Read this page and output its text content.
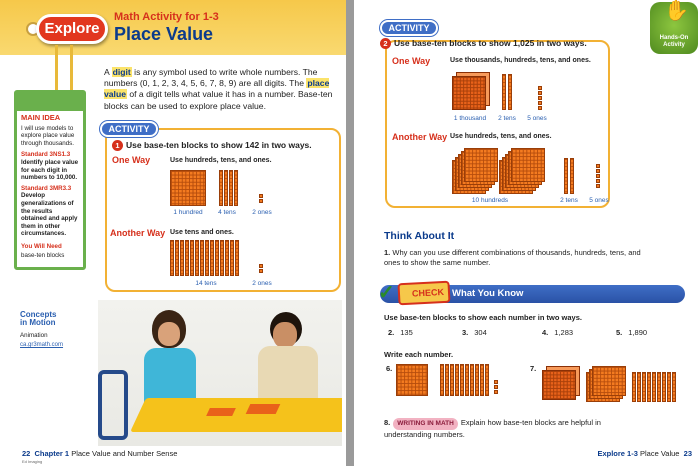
Explore
Math Activity for 1-3
Place Value
A digit is any symbol used to write whole numbers. The numbers (0, 1, 2, 3, 4, 5, 6, 7, 8, 9) are all digits. The place value of a digit tells what value it has in a number. Base-ten blocks can be used to explore place value.
MAIN IDEA
I will use models to explore place value through thousands.
Standard 3NS1.3
Identify place value for each digit in numbers to 10,000.
Standard 3MR3.3
Develop generalizations of the results obtained and apply them in other circumstances.
You Will Need
base-ten blocks
ACTIVITY
1 Use base-ten blocks to show 142 in two ways.
One Way	Use hundreds, tens, and ones.
1 hundred	4 tens	2 ones
Another Way Use tens and ones.
14 tens	2 ones
Concepts
in Motion
Animation
ca.gr3math.com
22 Chapter 1 Place Value and Number Sense
Ed Imaging
ACTIVITY
✋
Hands-On Activity
2 Use base-ten blocks to show 1,025 in two ways.
One Way	Use thousands, hundreds, tens, and ones.
1 thousand	2 tens	5 ones
Another Way Use hundreds, tens, and ones.
10 hundreds	2 tens	5 ones
Think About It
1. Why can you use different combinations of thousands, hundreds, tens, and ones to show the same number.
CHECK
✓	What You Know
Use base-ten blocks to show each number in two ways.
2. 135	3. 304	4. 1,283	5. 1,890
Write each number.
6.	7.
8. WRITING IN MATH Explain how base-ten blocks are helpful in understanding numbers.
Explore 1-3 Place Value 23
